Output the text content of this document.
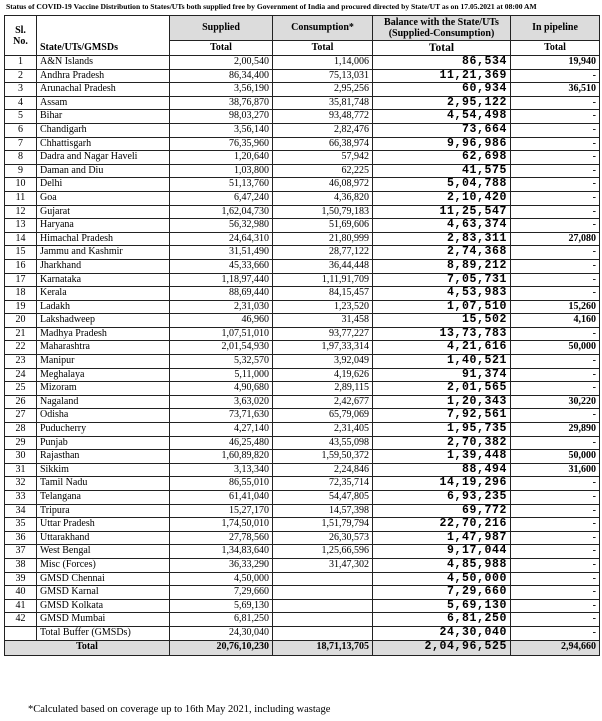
Status of COVID-19 Vaccine Distribution to States/UTs both supplied free by Government of India and procured directed by State/UT as on 17.05.2021 at 08:00 AM
Sl. No.	State/UTs/GMSDs	Supplied	Consumption*	Balance with the State/UTs (Supplied-Consumption)	In pipeline
		Total	Total	Total	Total
1	A&N Islands	2,00,540	1,14,006	86,534	19,940
2	Andhra Pradesh	86,34,400	75,13,031	11,21,369	-
3	Arunachal Pradesh	3,56,190	2,95,256	60,934	36,510
4	Assam	38,76,870	35,81,748	2,95,122	-
5	Bihar	98,03,270	93,48,772	4,54,498	-
6	Chandigarh	3,56,140	2,82,476	73,664	-
7	Chhattisgarh	76,35,960	66,38,974	9,96,986	-
8	Dadra and Nagar Haveli	1,20,640	57,942	62,698	-
9	Daman and Diu	1,03,800	62,225	41,575	-
10	Delhi	51,13,760	46,08,972	5,04,788	-
11	Goa	6,47,240	4,36,820	2,10,420	-
12	Gujarat	1,62,04,730	1,50,79,183	11,25,547	-
13	Haryana	56,32,980	51,69,606	4,63,374	-
14	Himachal Pradesh	24,64,310	21,80,999	2,83,311	27,080
15	Jammu and Kashmir	31,51,490	28,77,122	2,74,368	-
16	Jharkhand	45,33,660	36,44,448	8,89,212	-
17	Karnataka	1,18,97,440	1,11,91,709	7,05,731	-
18	Kerala	88,69,440	84,15,457	4,53,983	-
19	Ladakh	2,31,030	1,23,520	1,07,510	15,260
20	Lakshadweep	46,960	31,458	15,502	4,160
21	Madhya Pradesh	1,07,51,010	93,77,227	13,73,783	-
22	Maharashtra	2,01,54,930	1,97,33,314	4,21,616	50,000
23	Manipur	5,32,570	3,92,049	1,40,521	-
24	Meghalaya	5,11,000	4,19,626	91,374	-
25	Mizoram	4,90,680	2,89,115	2,01,565	-
26	Nagaland	3,63,020	2,42,677	1,20,343	30,220
27	Odisha	73,71,630	65,79,069	7,92,561	-
28	Puducherry	4,27,140	2,31,405	1,95,735	29,890
29	Punjab	46,25,480	43,55,098	2,70,382	-
30	Rajasthan	1,60,89,820	1,59,50,372	1,39,448	50,000
31	Sikkim	3,13,340	2,24,846	88,494	31,600
32	Tamil Nadu	86,55,010	72,35,714	14,19,296	-
33	Telangana	61,41,040	54,47,805	6,93,235	-
34	Tripura	15,27,170	14,57,398	69,772	-
35	Uttar Pradesh	1,74,50,010	1,51,79,794	22,70,216	-
36	Uttarakhand	27,78,560	26,30,573	1,47,987	-
37	West Bengal	1,34,83,640	1,25,66,596	9,17,044	-
38	Misc (Forces)	36,33,290	31,47,302	4,85,988	-
39	GMSD Chennai	4,50,000		4,50,000	-
40	GMSD Karnal	7,29,660		7,29,660	-
41	GMSD Kolkata	5,69,130		5,69,130	-
42	GMSD Mumbai	6,81,250		6,81,250	-
	Total Buffer (GMSDs)	24,30,040		24,30,040	-
Total		20,76,10,230	18,71,13,705	2,04,96,525	2,94,660
*Calculated based on coverage up to 16th May 2021, including wastage
